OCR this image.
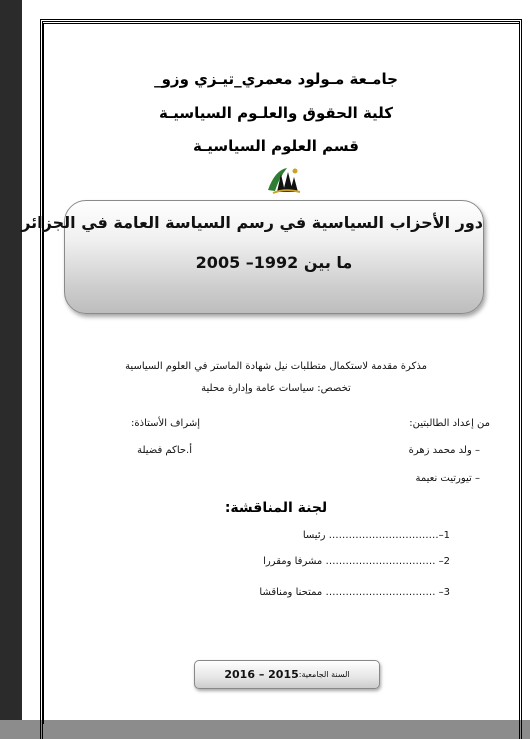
جامـعة مـولود معمري_تيـزي وزو_
كلية الحقوق والعلـوم السياسيـة
قسم العلوم السياسيـة
دور الأحزاب السياسية في رسم السياسة العامة في الجزائر
ما بين 1992– 2005
مذكرة مقدمة لاستكمال متطلبات نيل شهادة الماستر في العلوم السياسية
تخصص: سياسات عامة وإدارة محلية
من إعداد الطالبتين:
– ولد محمد زهرة
– تيورتيت نعيمة
إشراف الأستاذة:
أ.حاكم فضيلة
لجنة المناقشة:
1–…………………………… رئيسا
2– …………………………… مشرفا ومقررا
3– …………………………… ممتحنا ومناقشا
السنة الجامعية:
2015 – 2016
